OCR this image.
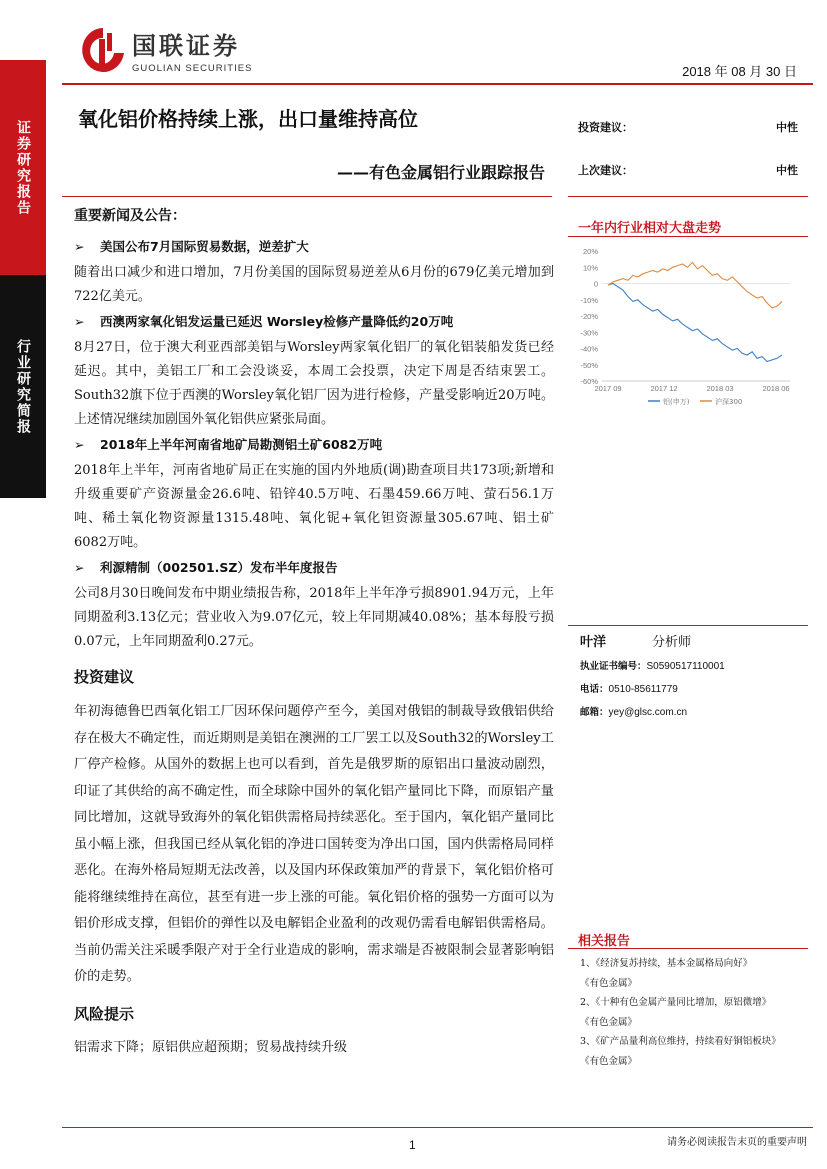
证券研究报告
行业研究简报
国联证券
GUOLIAN SECURITIES	2018 年 08 月 30 日
氧化铝价格持续上涨，出口量维持高位
——有色金属铝行业跟踪报告
投资建议：	中性
上次建议：	中性
重要新闻及公告：
➢ 美国公布7月国际贸易数据，逆差扩大
随着出口减少和进口增加，7月份美国的国际贸易逆差从6月份的679亿美元增加到722亿美元。
➢ 西澳两家氧化铝发运量已延迟 Worsley检修产量降低约20万吨
8月27日，位于澳大利亚西部美铝与Worsley两家氧化铝厂的氧化铝装船发货已经延迟。其中，美铝工厂和工会没谈妥，本周工会投票，决定下周是否结束罢工。South32旗下位于西澳的Worsley氧化铝厂因为进行检修，产量受影响近20万吨。上述情况继续加剧国外氧化铝供应紧张局面。
➢ 2018年上半年河南省地矿局勘测铝土矿6082万吨
2018年上半年，河南省地矿局正在实施的国内外地质(调)勘查项目共173项;新增和升级重要矿产资源量金26.6吨、铅锌40.5万吨、石墨459.66万吨、萤石56.1万吨、稀土氧化物资源量1315.48吨、氧化铌+氧化钽资源量305.67吨、铝土矿6082万吨。
➢ 利源精制（002501.SZ）发布半年度报告
公司8月30日晚间发布中期业绩报告称，2018年上半年净亏损8901.94万元，上年同期盈利3.13亿元；营业收入为9.07亿元，较上年同期减40.08%；基本每股亏损0.07元，上年同期盈利0.27元。
投资建议
年初海德鲁巴西氧化铝工厂因环保问题停产至今，美国对俄铝的制裁导致俄铝供给存在极大不确定性，而近期则是美铝在澳洲的工厂罢工以及South32的Worsley工厂停产检修。从国外的数据上也可以看到，首先是俄罗斯的原铝出口量波动剧烈，印证了其供给的高不确定性，而全球除中国外的氧化铝产量同比下降，而原铝产量同比增加，这就导致海外的氧化铝供需格局持续恶化。至于国内，氧化铝产量同比虽小幅上涨，但我国已经从氧化铝的净进口国转变为净出口国，国内供需格局同样恶化。在海外格局短期无法改善，以及国内环保政策加严的背景下，氧化铝价格可能将继续维持在高位，甚至有进一步上涨的可能。氧化铝价格的强势一方面可以为铝价形成支撑，但铝价的弹性以及电解铝企业盈利的改观仍需看电解铝供需格局。当前仍需关注采暖季限产对于全行业造成的影响，需求端是否被限制会显著影响铝价的走势。
风险提示
铝需求下降；原铝供应超预期；贸易战持续升级
一年内行业相对大盘走势
20%
10%
0
-10%
-20%
-30%
-40%
-50%
-60%
2017 09	2017 12	2018 03	2018 06
铝(申万)	沪深300
叶洋	分析师
执业证书编号：S0590517110001
电话：0510-85611779
邮箱：yey@glsc.com.cn
相关报告
1、《经济复苏持续，基本金属格局向好》
《有色金属》
2、《十种有色金属产量同比增加，原铝微增》
《有色金属》
3、《矿产品量利高位维持，持续看好铜铝板块》
《有色金属》
1	请务必阅读报告末页的重要声明
